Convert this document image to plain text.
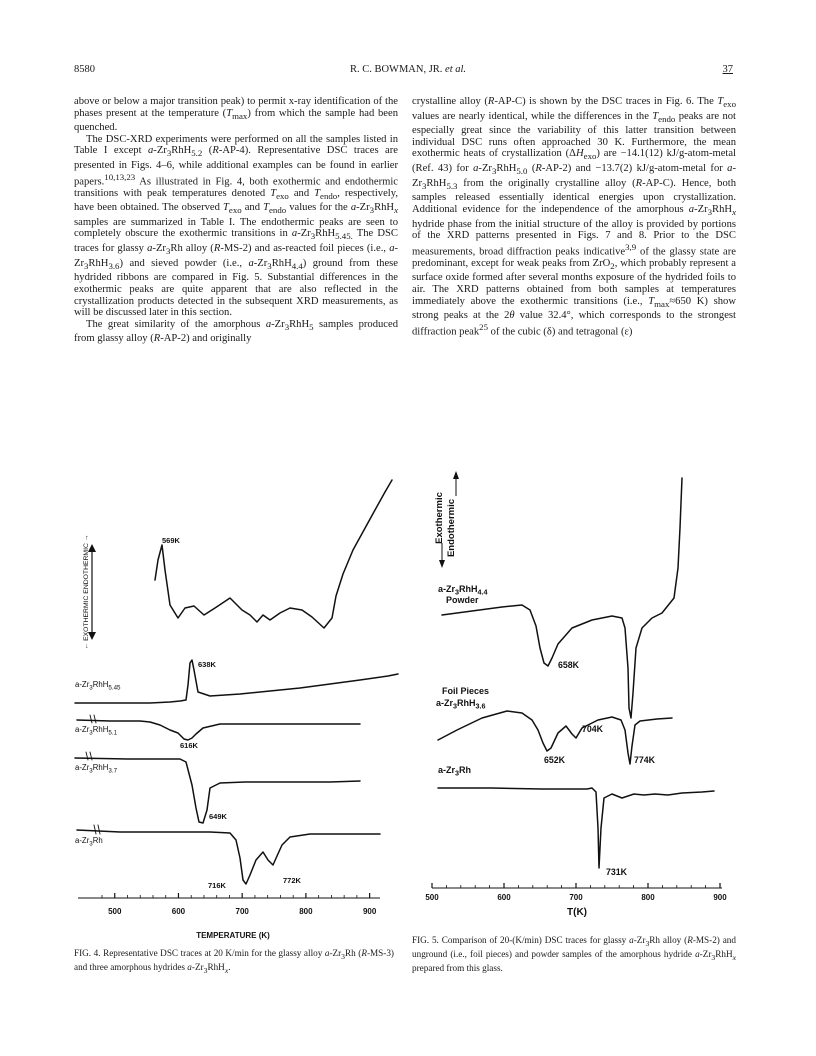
8580	R. C. BOWMAN, JR. et al.	37

above or below a major transition peak) to permit x-ray identification of the phases present at the temperature $(T_{max})$ from which the sample had been quenched.

The DSC-XRD experiments were performed on all the samples listed in Table I except $a-Zr_3RhH_{5.2}$ (R-AP-4). Representative DSC traces are presented in Figs. 4–6, while additional examples can be found in earlier papers.$^{10,13,23}$ As illustrated in Fig. 4, both exothermic and endothermic transitions with peak temperatures denoted $T_{exo}$ and $T_{endo}$, respectively, have been obtained. The observed $T_{exo}$ and $T_{endo}$ values for the $a-Zr_3RhH_x$ samples are summarized in Table I. The endothermic peaks are seen to completely obscure the exothermic transitions in $a-Zr_3RhH_{5.45.}$ The DSC traces for glassy $a-Zr_3Rh$ alloy (R-MS-2) and as-reacted foil pieces (i.e., $a-Zr_3RhH_{3.6}$) and sieved powder (i.e., $a-Zr_3RhH_{4.4}$) ground from these hydrided ribbons are compared in Fig. 5. Substantial differences in the exothermic peaks are quite apparent that are also reflected in the crystallization products detected in the subsequent XRD measurements, as will be discussed later in this section.

The great similarity of the amorphous $a-Zr_3RhH_5$ samples produced from glassy alloy (R-AP-2) and originally

crystalline alloy (R-AP-C) is shown by the DSC traces in Fig. 6. The $T_{exo}$ values are nearly identical, while the differences in the $T_{endo}$ peaks are not especially great since the variability of this latter transition between individual DSC runs often approached 30 K. Furthermore, the mean exothermic heats of crystallization $(\Delta H_{exo})$ are −14.1(12) kJ/g-atom-metal (Ref. 43) for $a-Zr_3RhH_{5.0}$ (R-AP-2) and −13.7(2) kJ/g-atom-metal for $a-Zr_3RhH_{5.3}$ from the originally crystalline alloy (R-AP-C). Hence, both samples released essentially identical energies upon crystallization. Additional evidence for the independence of the amorphous $a-Zr_3RhH_x$ hydride phase from the initial structure of the alloy is provided by portions of the XRD patterns presented in Figs. 7 and 8. Prior to the DSC measurements, broad diffraction peaks indicative$^{3,9}$ of the glassy state are predominant, except for weak peaks from ZrO$_2$, which probably represent a surface oxide formed after several months exposure of the hydrided foils to air. The XRD patterns obtained from both samples at temperatures immediately above the exothermic transitions (i.e., $T_{max}\approx 650$ K) show strong peaks at the 2θ value 32.4°, which corresponds to the strongest diffraction peak$^{25}$ of the cubic (δ) and tetragonal (ε)

← EXOTHERMIC ENDOTHERMIC →
500	600	700	800	900
TEMPERATURE (K)
$a-Zr_3RhH_{5.45}$
$a-Zr_3RhH_{5.1}$
$a-Zr_3RhH_{3.7}$
$a-Zr_3Rh$
569K
638K
616K
649K
716K
772K
FIG. 4. Representative DSC traces at 20 K/min for the glassy alloy $a-Zr_3Rh$ (R-MS-3) and three amorphous hydrides $a-Zr_3RhH_x$.
Exothermic Endothermic
500	600	700	800	900
T(K)
$a-Zr_3RhH_{4.4}$
Powder
Foil Pieces
$a-Zr_3RhH_{3.6}$
$a-Zr_3Rh$
658K
704K
652K	774K
731K
FIG. 5. Comparison of 20-(K/min) DSC traces for glassy $a-Zr_3Rh$ alloy (R-MS-2) and unground (i.e., foil pieces) and powder samples of the amorphous hydride $a-Zr_3RhH_x$ prepared from this glass.
